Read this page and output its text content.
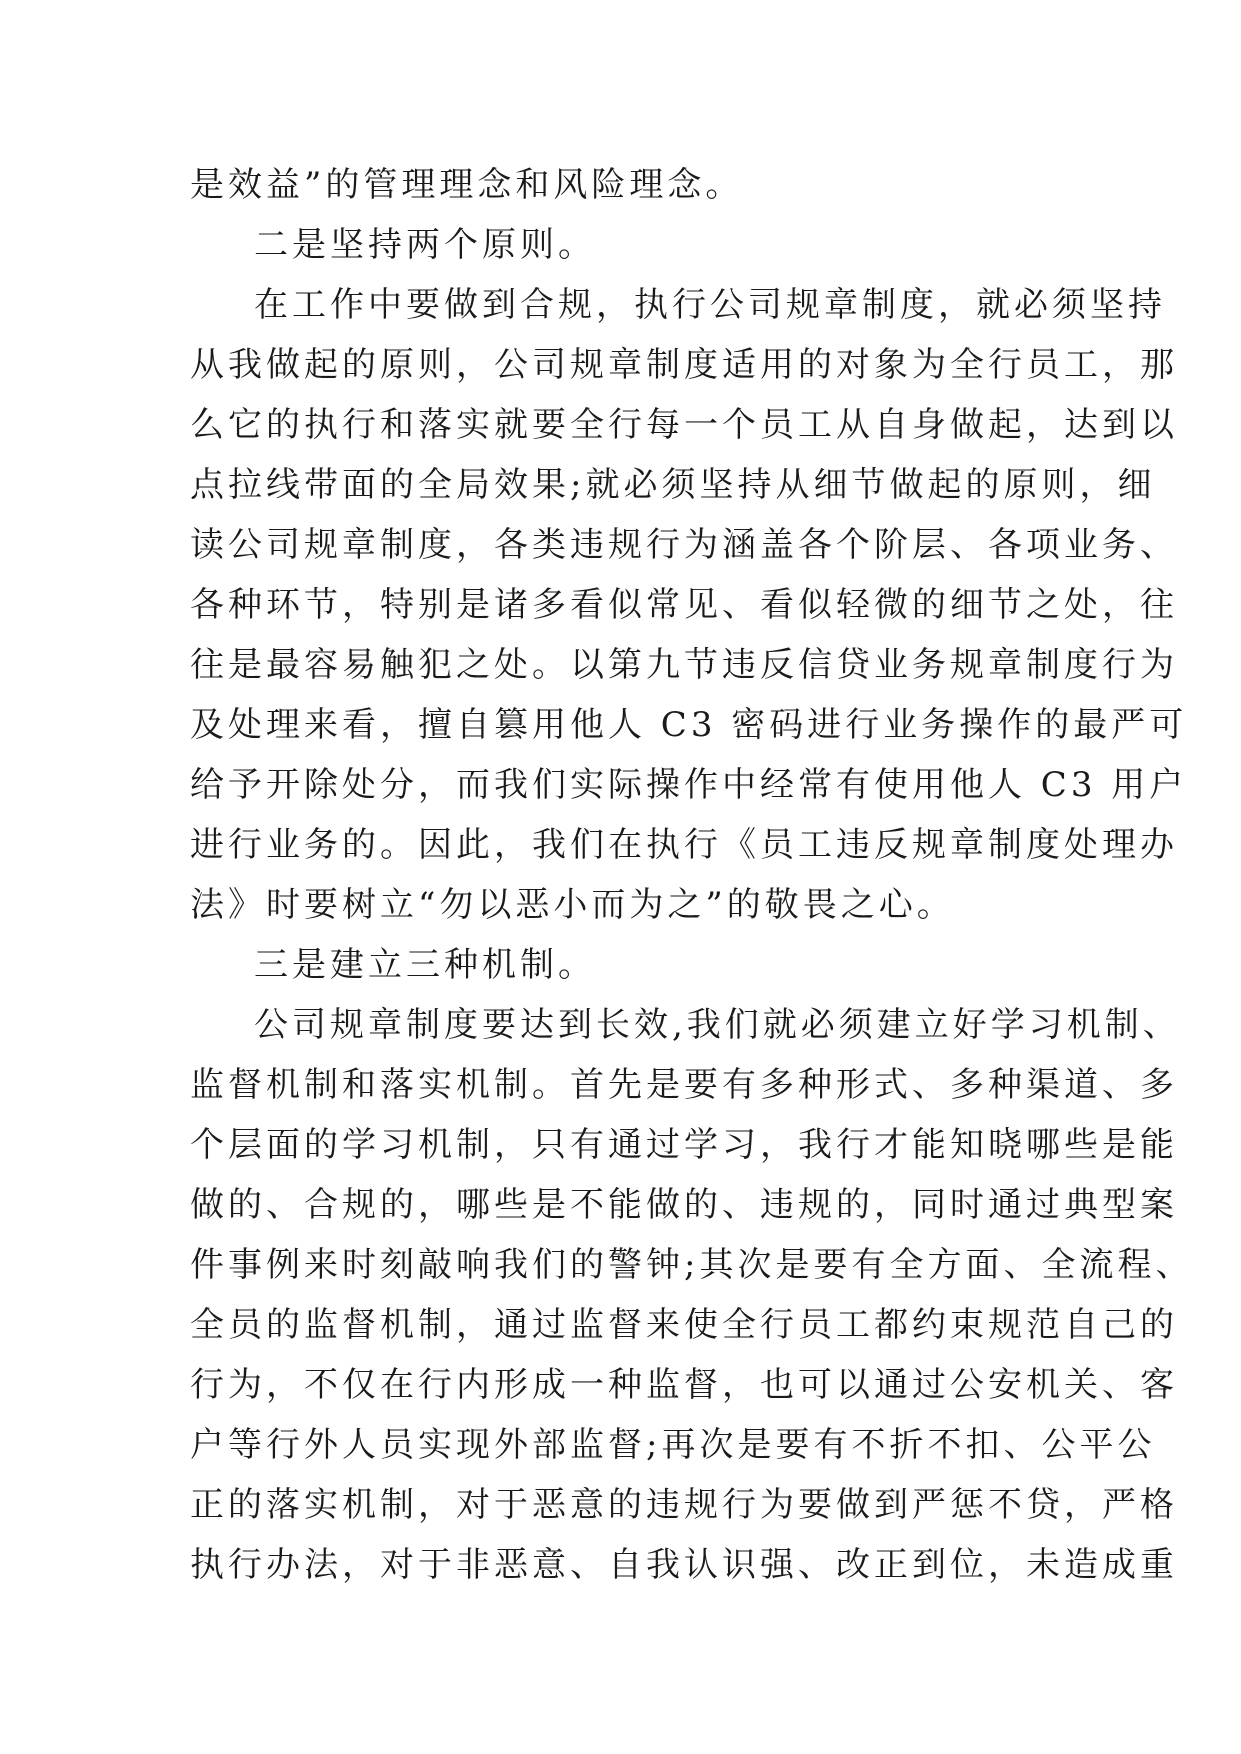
是效益”的管理理念和风险理念。
二是坚持两个原则。
在工作中要做到合规，执行公司规章制度，就必须坚持
从我做起的原则，公司规章制度适用的对象为全行员工，那
么它的执行和落实就要全行每一个员工从自身做起，达到以
点拉线带面的全局效果;就必须坚持从细节做起的原则，细
读公司规章制度，各类违规行为涵盖各个阶层、各项业务、
各种环节，特别是诸多看似常见、看似轻微的细节之处，往
往是最容易触犯之处。以第九节违反信贷业务规章制度行为
及处理来看，擅自篡用他人 C3 密码进行业务操作的最严可
给予开除处分，而我们实际操作中经常有使用他人 C3 用户
进行业务的。因此，我们在执行《员工违反规章制度处理办
法》时要树立“勿以恶小而为之”的敬畏之心。
三是建立三种机制。
公司规章制度要达到长效,我们就必须建立好学习机制、
监督机制和落实机制。首先是要有多种形式、多种渠道、多
个层面的学习机制，只有通过学习，我行才能知晓哪些是能
做的、合规的，哪些是不能做的、违规的，同时通过典型案
件事例来时刻敲响我们的警钟;其次是要有全方面、全流程、
全员的监督机制，通过监督来使全行员工都约束规范自己的
行为，不仅在行内形成一种监督，也可以通过公安机关、客
户等行外人员实现外部监督;再次是要有不折不扣、公平公
正的落实机制，对于恶意的违规行为要做到严惩不贷，严格
执行办法，对于非恶意、自我认识强、改正到位，未造成重
